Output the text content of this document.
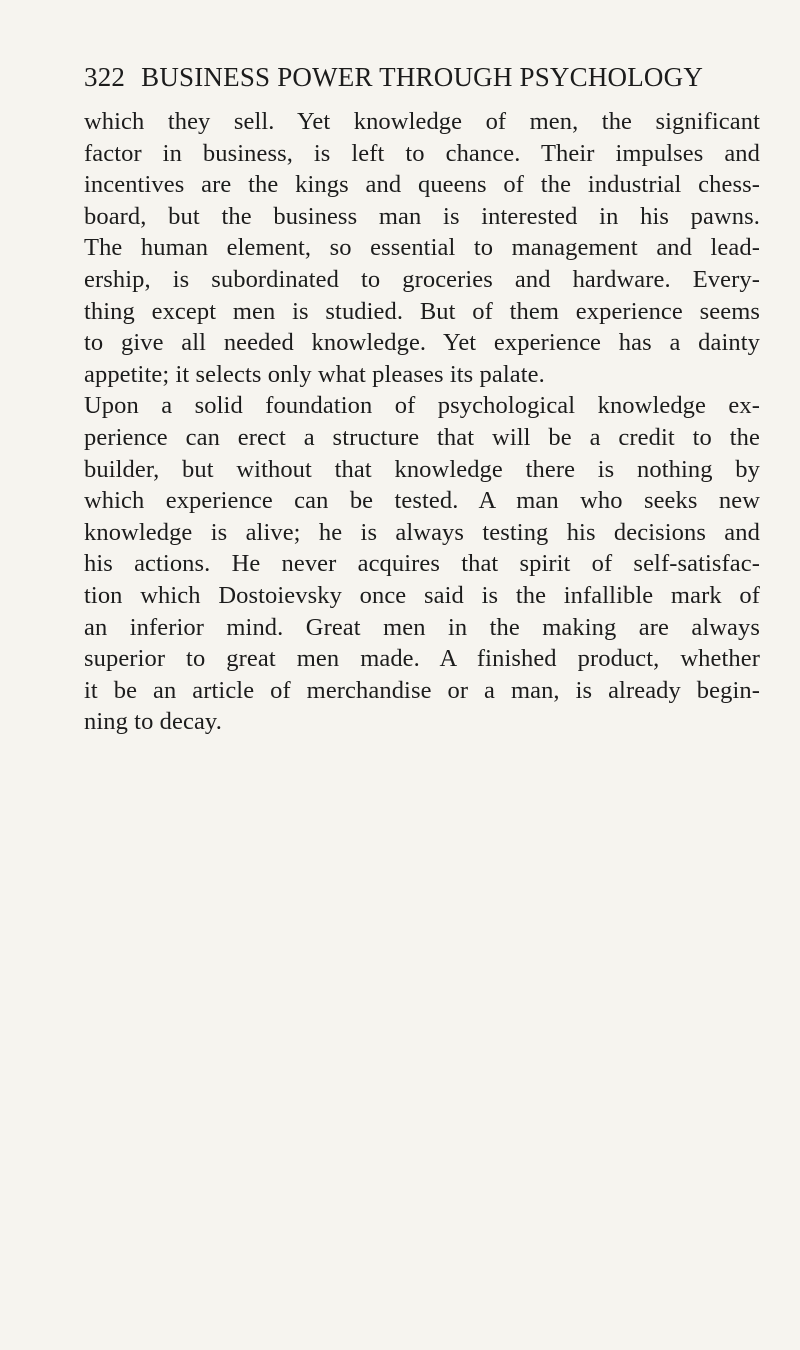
322 BUSINESS POWER THROUGH PSYCHOLOGY

which they sell. Yet knowledge of men, the significant
factor in business, is left to chance. Their impulses and
incentives are the kings and queens of the industrial chess-
board, but the business man is interested in his pawns.
The human element, so essential to management and lead-
ership, is subordinated to groceries and hardware. Every-
thing except men is studied. But of them experience seems
to give all needed knowledge. Yet experience has a dainty
appetite; it selects only what pleases its palate.

Upon a solid foundation of psychological knowledge ex-
perience can erect a structure that will be a credit to the
builder, but without that knowledge there is nothing by
which experience can be tested. A man who seeks new
knowledge is alive; he is always testing his decisions and
his actions. He never acquires that spirit of self-satisfac-
tion which Dostoievsky once said is the infallible mark of
an inferior mind. Great men in the making are always
superior to great men made. A finished product, whether
it be an article of merchandise or a man, is already begin-
ning to decay.
